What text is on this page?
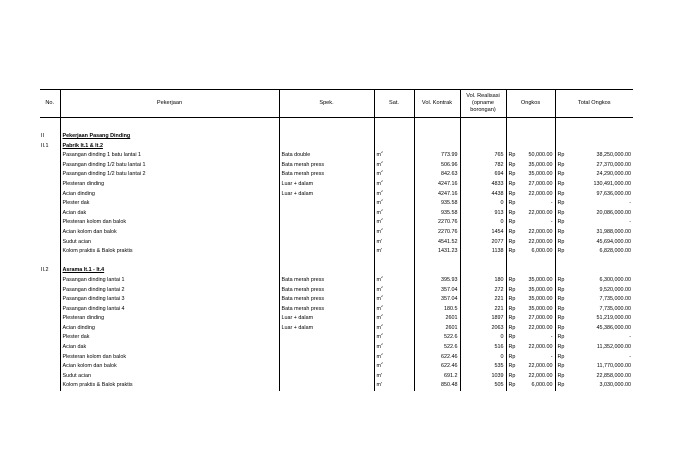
No.	Pekerjaan	Spek.	Sat.	Vol. Kontrak	Vol. Realisasi (opname borongan)	Ongkos		Total Ongkos	

II	Pekerjaan Pasang Dinding								
II.1	Pabrik lt.1 & lt.2								
	Pasangan dinding 1 batu lantai 1	Bata double	$m^2$	773.99	765	Rp	50,000.00	Rp	38,250,000.00
	Pasangan dinding 1/2 batu lantai 1	Bata merah press	$m^2$	506.96	782	Rp	35,000.00	Rp	27,370,000.00
	Pasangan dinding 1/2 batu lantai 2	Bata merah press	$m^2$	842.63	694	Rp	35,000.00	Rp	24,290,000.00
	Plesteran dinding	Luar + dalam	$m^2$	4247.16	4833	Rp	27,000.00	Rp	130,491,000.00
	Acian dinding	Luar + dalam	$m^2$	4247.16	4438	Rp	22,000.00	Rp	97,636,000.00
	Plester dak		$m^2$	935.58	0	Rp	-	Rp	-
	Acian dak		$m^2$	935.58	913	Rp	22,000.00	Rp	20,086,000.00
	Plesteran kolom dan balok		$m^2$	2270.76	0	Rp	-	Rp	-
	Acian kolom dan balok		$m^2$	2270.76	1454	Rp	22,000.00	Rp	31,988,000.00
	Sudut acian		m'	4541.52	2077	Rp	22,000.00	Rp	45,694,000.00
	Kolom praktis & Balok praktis		m'	1431.23	1138	Rp	6,000.00	Rp	6,828,000.00

II.2	Asrama lt.1 - lt.4								
	Pasangan dinding lantai 1	Bata merah press	$m^2$	395.93	180	Rp	35,000.00	Rp	6,300,000.00
	Pasangan dinding lantai 2	Bata merah press	$m^2$	357.04	272	Rp	35,000.00	Rp	9,520,000.00
	Pasangan dinding lantai 3	Bata merah press	$m^2$	357.04	221	Rp	35,000.00	Rp	7,735,000.00
	Pasangan dinding lantai 4	Bata merah press	$m^2$	180.5	221	Rp	35,000.00	Rp	7,735,000.00
	Plesteran dinding	Luar + dalam	$m^2$	2601	1897	Rp	27,000.00	Rp	51,219,000.00
	Acian dinding	Luar + dalam	$m^2$	2601	2063	Rp	22,000.00	Rp	45,386,000.00
	Plester dak		$m^2$	522.6	0	Rp	-	Rp	-
	Acian dak		$m^2$	522.6	516	Rp	22,000.00	Rp	11,352,000.00
	Plesteran kolom dan balok		$m^2$	622.46	0	Rp	-	Rp	-
	Acian kolom dan balok		$m^2$	622.46	535	Rp	22,000.00	Rp	11,770,000.00
	Sudut acian		m'	691.2	1039	Rp	22,000.00	Rp	22,858,000.00
	Kolom praktis & Balok praktis		m'	850.48	505	Rp	6,000.00	Rp	3,030,000.00
